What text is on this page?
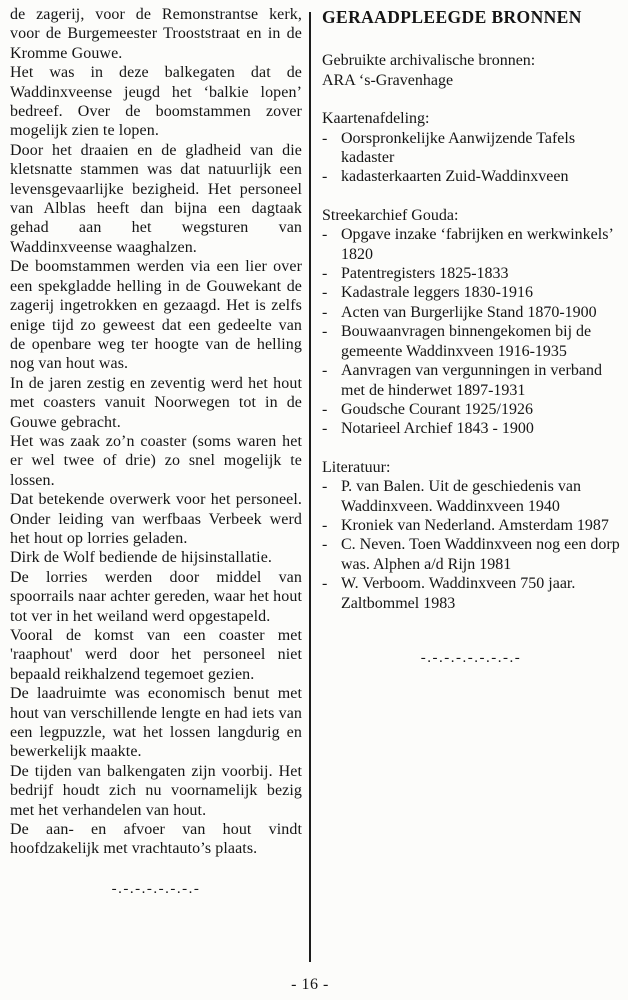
de zagerij, voor de Remonstrantse kerk, voor de Burgemeester Trooststraat en in de Kromme Gouwe.

Het was in deze balkegaten dat de Waddinxveense jeugd het ‘balkie lopen’ bedreef. Over de boomstammen zover mogelijk zien te lopen.

Door het draaien en de gladheid van die kletsnatte stammen was dat natuurlijk een levensgevaarlijke bezigheid. Het personeel van Alblas heeft dan bijna een dagtaak gehad aan het wegsturen van Waddinxveense waaghalzen.

De boomstammen werden via een lier over een spekgladde helling in de Gouwekant de zagerij ingetrokken en gezaagd. Het is zelfs enige tijd zo geweest dat een gedeelte van de openbare weg ter hoogte van de helling nog van hout was.

In de jaren zestig en zeventig werd het hout met coasters vanuit Noorwegen tot in de Gouwe gebracht.

Het was zaak zo’n coaster (soms waren het er wel twee of drie) zo snel mogelijk te lossen.

Dat betekende overwerk voor het personeel. Onder leiding van werfbaas Verbeek werd het hout op lorries geladen.

Dirk de Wolf bediende de hijsinstallatie.

De lorries werden door middel van spoorrails naar achter gereden, waar het hout tot ver in het weiland werd opgestapeld.

Vooral de komst van een coaster met 'raaphout' werd door het personeel niet bepaald reikhalzend tegemoet gezien.

De laadruimte was economisch benut met hout van verschillende lengte en had iets van een legpuzzle, wat het lossen langdurig en bewerkelijk maakte.

De tijden van balkengaten zijn voorbij. Het bedrijf houdt zich nu voornamelijk bezig met het verhandelen van hout.

De aan- en afvoer van hout vindt hoofdzakelijk met vrachtauto’s plaats.

-.-.-.-.-.-.-.-
GERAADPLEEGDE BRONNEN

Gebruikte archivalische bronnen:

ARA ‘s-Gravenhage

Kaartenafdeling:

- Oorspronkelijke Aanwijzende Tafels kadaster
- kadasterkaarten Zuid-Waddinxveen

Streekarchief Gouda:

- Opgave inzake ‘fabrijken en werkwinkels’ 1820
- Patentregisters 1825-1833
- Kadastrale leggers 1830-1916
- Acten van Burgerlijke Stand 1870-1900
- Bouwaanvragen binnengekomen bij de gemeente Waddinxveen 1916-1935
- Aanvragen van vergunningen in verband met de hinderwet 1897-1931
- Goudsche Courant 1925/1926
- Notarieel Archief 1843 - 1900

Literatuur:

- P. van Balen. Uit de geschiedenis van Waddinxveen. Waddinxveen 1940
- Kroniek van Nederland. Amsterdam 1987
- C. Neven. Toen Waddinxveen nog een dorp was. Alphen a/d Rijn 1981
- W. Verboom. Waddinxveen 750 jaar. Zaltbommel 1983
-.-.-.-.-.-.-.-.-
- 16 -
